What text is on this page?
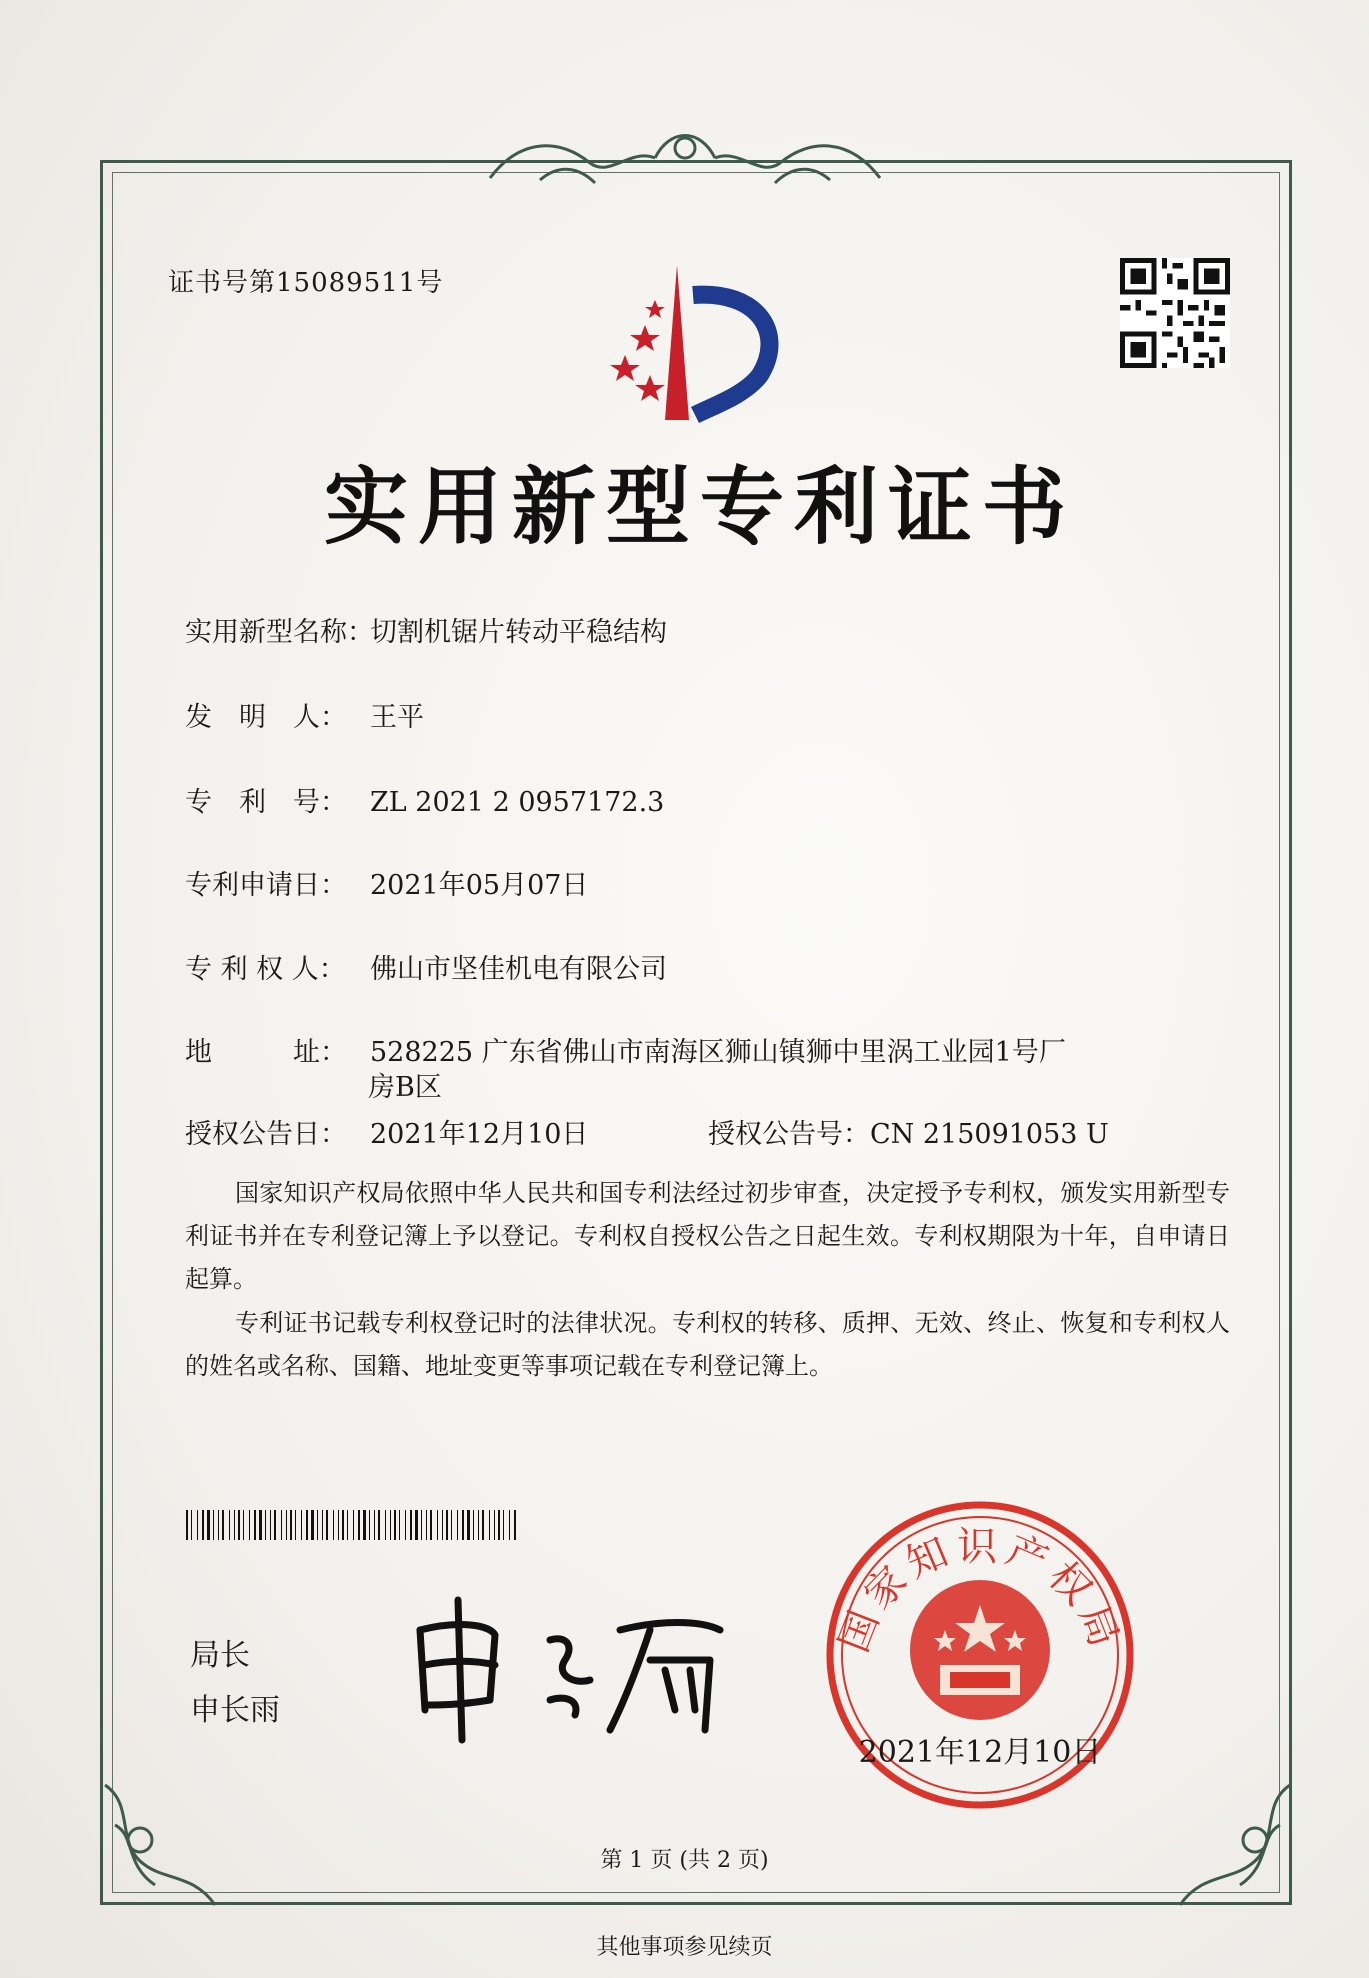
证书号第15089511号
实用新型专利证书
实用新型名称：切割机锯片转动平稳结构
发　明　人： 王平
专　利　号： ZL 2021 2 0957172.3
专利申请日： 2021年05月07日
专 利 权 人： 佛山市坚佳机电有限公司
地　　　址： 528225 广东省佛山市南海区狮山镇狮中里涡工业园1号厂
房B区
授权公告日： 2021年12月10日	授权公告号：CN 215091053 U
国家知识产权局依照中华人民共和国专利法经过初步审查，决定授予专利权，颁发实用新型专利证书并在专利登记簿上予以登记。专利权自授权公告之日起生效。专利权期限为十年，自申请日起算。
专利证书记载专利权登记时的法律状况。专利权的转移、质押、无效、终止、恢复和专利权人的姓名或名称、国籍、地址变更等事项记载在专利登记簿上。
局长
申长雨
国家知识产权局
2021年12月10日
第 1 页 (共 2 页)
其他事项参见续页
